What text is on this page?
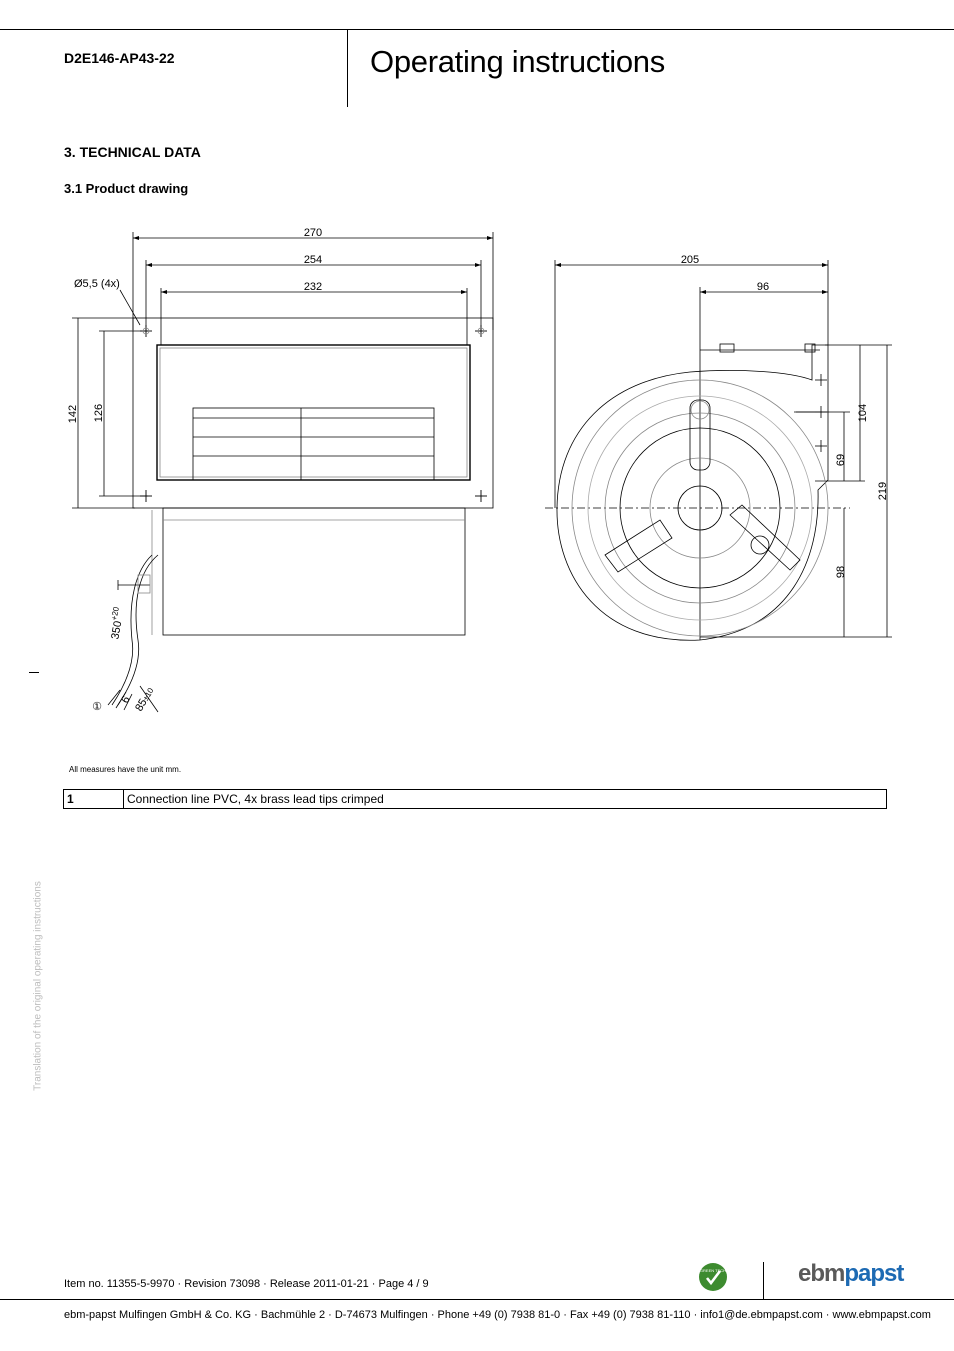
D2E146-AP43-22	Operating instructions
3. TECHNICAL DATA
3.1 Product drawing
270
254
232
Ø5,5 (4x)
142 126
$350^{+20}$
6 85±10
①
205
96
104
69
219
98
All measures have the unit mm.
1	Connection line PVC, 4x brass lead tips crimped
Translation of the original operating instructions
Item no. 11355-5-9970 · Revision 73098 · Release 2011-01-21 · Page 4 / 9
GREEN TECH	ebmpapst
ebm-papst Mulfingen GmbH & Co. KG · Bachmühle 2 · D-74673 Mulfingen · Phone +49 (0) 7938 81-0 · Fax +49 (0) 7938 81-110 · info1@de.ebmpapst.com · www.ebmpapst.com
